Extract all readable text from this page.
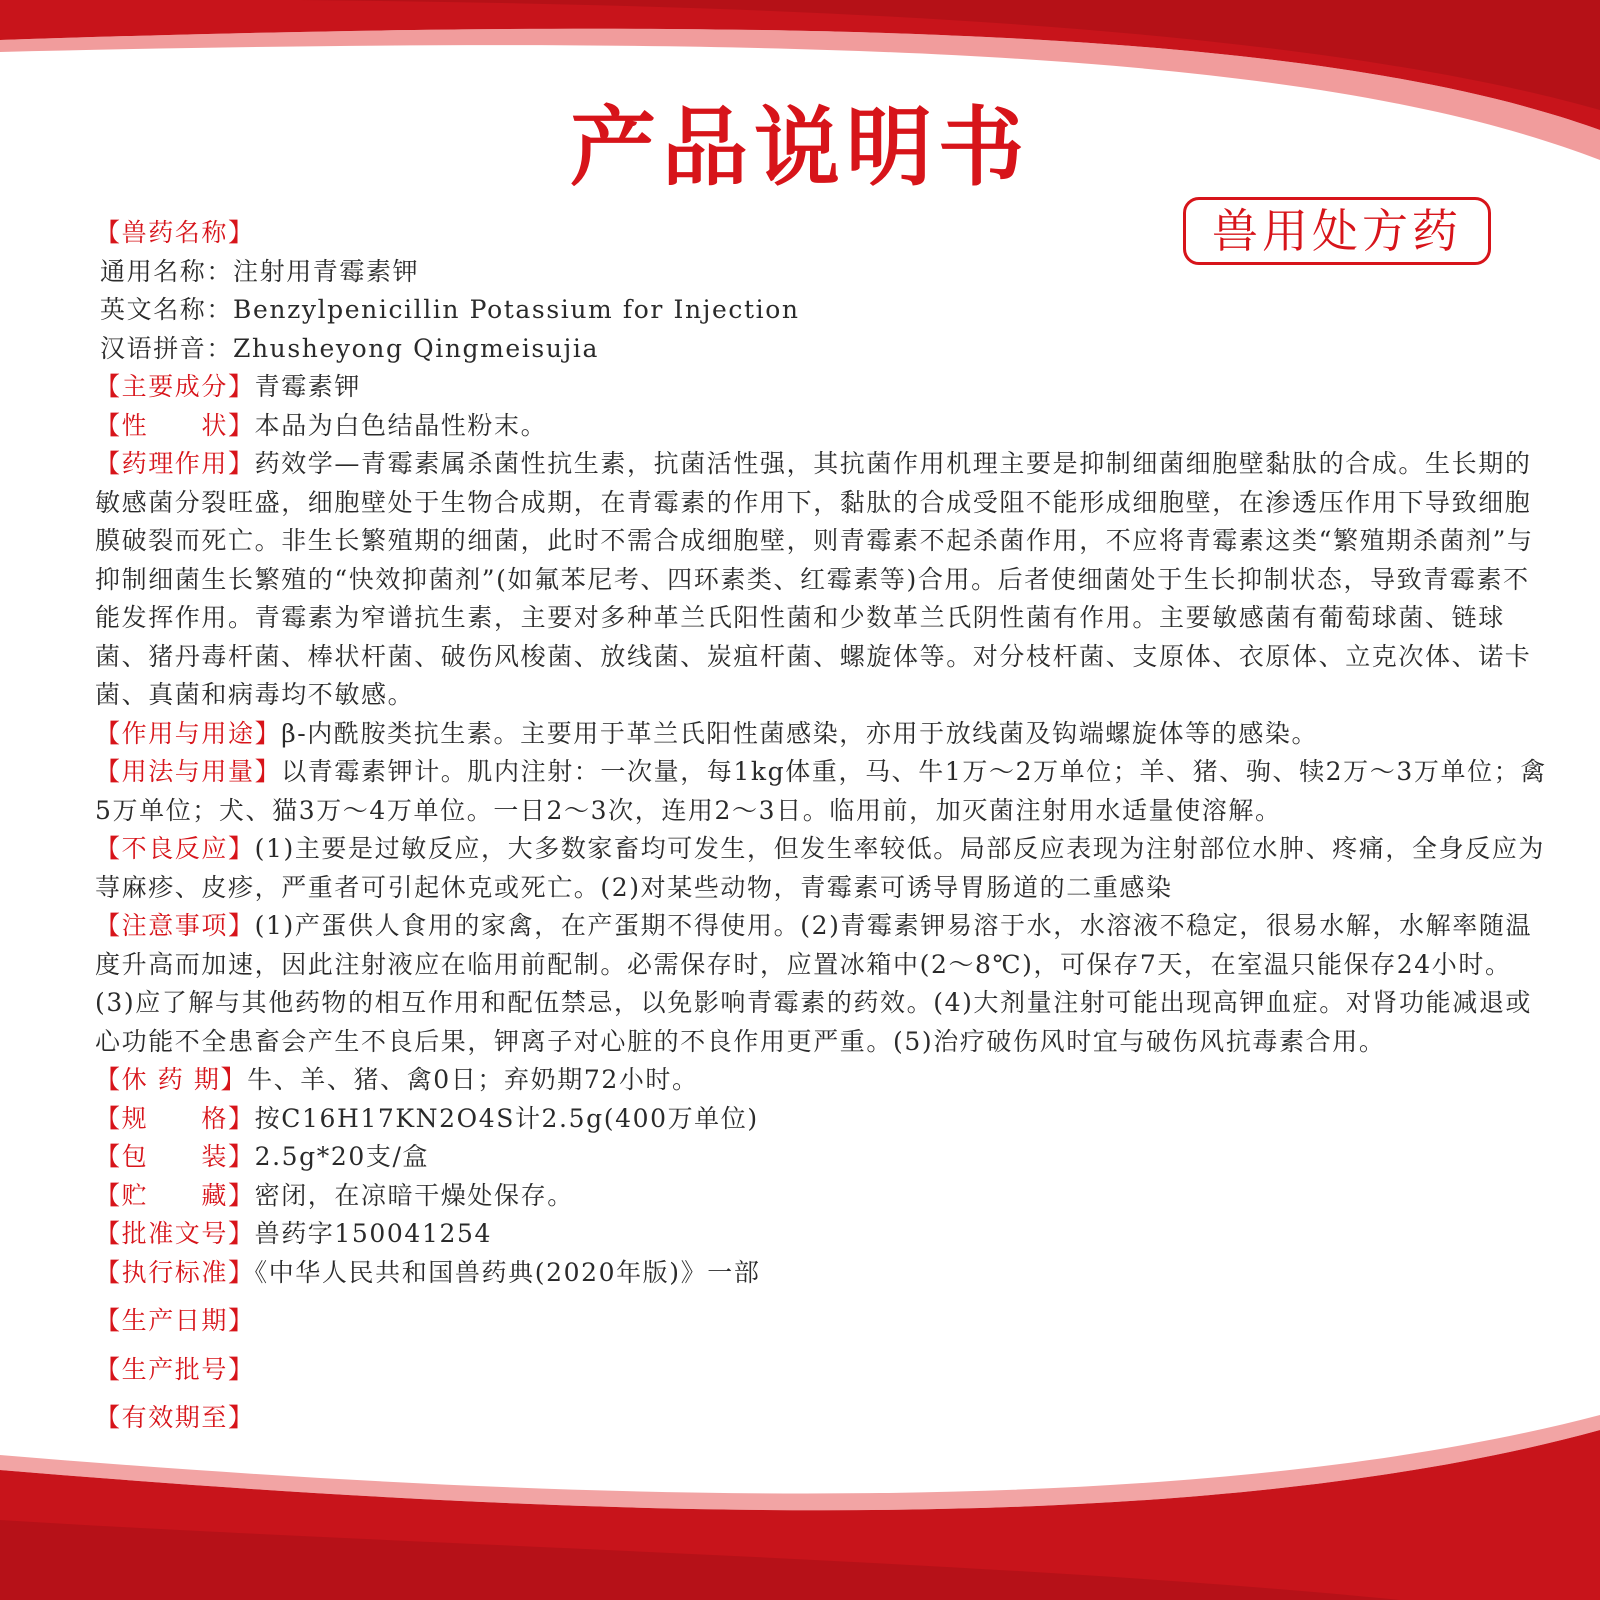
产品说明书
兽用处方药

【兽药名称】

通用名称：注射用青霉素钾

英文名称：Benzylpenicillin Potassium for Injection

汉语拼音：Zhusheyong Qingmeisujia

【主要成分】青霉素钾

【性　　状】本品为白色结晶性粉末。

【药理作用】药效学—青霉素属杀菌性抗生素，抗菌活性强，其抗菌作用机理主要是抑制细菌细胞壁黏肽的合成。生长期的敏感菌分裂旺盛，细胞壁处于生物合成期，在青霉素的作用下，黏肽的合成受阻不能形成细胞壁，在渗透压作用下导致细胞膜破裂而死亡。非生长繁殖期的细菌，此时不需合成细胞壁，则青霉素不起杀菌作用，不应将青霉素这类“繁殖期杀菌剂”与抑制细菌生长繁殖的“快效抑菌剂”(如氟苯尼考、四环素类、红霉素等)合用。后者使细菌处于生长抑制状态，导致青霉素不能发挥作用。青霉素为窄谱抗生素，主要对多种革兰氏阳性菌和少数革兰氏阴性菌有作用。主要敏感菌有葡萄球菌、链球菌、猪丹毒杆菌、棒状杆菌、破伤风梭菌、放线菌、炭疽杆菌、螺旋体等。对分枝杆菌、支原体、衣原体、立克次体、诺卡菌、真菌和病毒均不敏感。

【作用与用途】β-内酰胺类抗生素。主要用于革兰氏阳性菌感染，亦用于放线菌及钩端螺旋体等的感染。

【用法与用量】以青霉素钾计。肌内注射：一次量，每1kg体重，马、牛1万～2万单位；羊、猪、驹、犊2万～3万单位；禽5万单位；犬、猫3万～4万单位。一日2～3次，连用2～3日。临用前，加灭菌注射用水适量使溶解。

【不良反应】(1)主要是过敏反应，大多数家畜均可发生，但发生率较低。局部反应表现为注射部位水肿、疼痛，全身反应为荨麻疹、皮疹，严重者可引起休克或死亡。(2)对某些动物，青霉素可诱导胃肠道的二重感染

【注意事项】(1)产蛋供人食用的家禽，在产蛋期不得使用。(2)青霉素钾易溶于水，水溶液不稳定，很易水解，水解率随温度升高而加速，因此注射液应在临用前配制。必需保存时，应置冰箱中(2～8℃)，可保存7天，在室温只能保存24小时。(3)应了解与其他药物的相互作用和配伍禁忌，以免影响青霉素的药效。(4)大剂量注射可能出现高钾血症。对肾功能减退或心功能不全患畜会产生不良后果，钾离子对心脏的不良作用更严重。(5)治疗破伤风时宜与破伤风抗毒素合用。

【休 药 期】牛、羊、猪、禽0日；弃奶期72小时。

【规　　格】按C16H17KN2O4S计2.5g(400万单位)

【包　　装】2.5g*20支/盒

【贮　　藏】密闭，在凉暗干燥处保存。

【批准文号】兽药字150041254

【执行标准】《中华人民共和国兽药典(2020年版)》一部

【生产日期】

【生产批号】

【有效期至】
